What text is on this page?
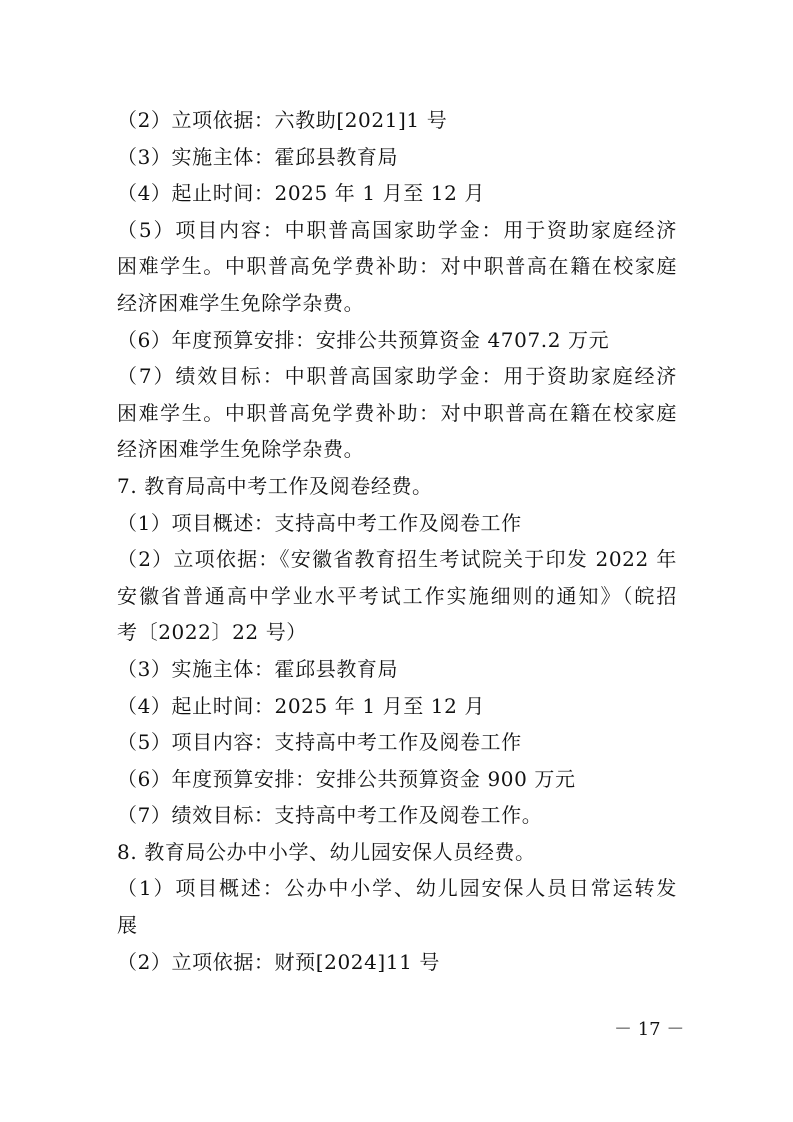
（2）立项依据：六教助[2021]1 号
（3）实施主体：霍邱县教育局
（4）起止时间：2025 年 1 月至 12 月
（5）项目内容：中职普高国家助学金：用于资助家庭经济
困难学生。中职普高免学费补助：对中职普高在籍在校家庭
经济困难学生免除学杂费。
（6）年度预算安排：安排公共预算资金 4707.2 万元
（7）绩效目标：中职普高国家助学金：用于资助家庭经济
困难学生。中职普高免学费补助：对中职普高在籍在校家庭
经济困难学生免除学杂费。
7. 教育局高中考工作及阅卷经费。
（1）项目概述：支持高中考工作及阅卷工作
（2）立项依据：《安徽省教育招生考试院关于印发 2022 年
安徽省普通高中学业水平考试工作实施细则的通知》（皖招
考〔2022〕22 号）
（3）实施主体：霍邱县教育局
（4）起止时间：2025 年 1 月至 12 月
（5）项目内容：支持高中考工作及阅卷工作
（6）年度预算安排：安排公共预算资金 900 万元
（7）绩效目标：支持高中考工作及阅卷工作。
8. 教育局公办中小学、幼儿园安保人员经费。
（1）项目概述：公办中小学、幼儿园安保人员日常运转发
展
（2）立项依据：财预[2024]11 号
－ 17 －
